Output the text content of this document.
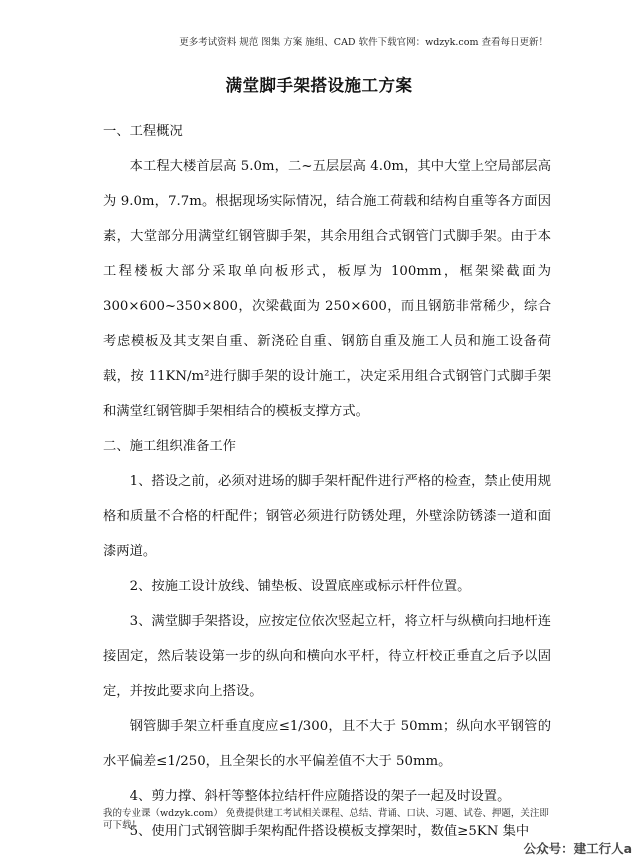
更多考试资料 规范 图集 方案 施组、CAD 软件下载官网：wdzyk.com 查看每日更新！
满堂脚手架搭设施工方案

一、工程概况

本工程大楼首层高 5.0m，二~五层层高 4.0m，其中大堂上空局部层高为 9.0m，7.7m。根据现场实际情况，结合施工荷载和结构自重等各方面因素，大堂部分用满堂红钢管脚手架，其余用组合式钢管门式脚手架。由于本工程楼板大部分采取单向板形式，板厚为 100mm，框架梁截面为 300×600~350×800，次梁截面为 250×600，而且钢筋非常稀少，综合考虑模板及其支架自重、新浇砼自重、钢筋自重及施工人员和施工设备荷载，按 11KN/m²进行脚手架的设计施工，决定采用组合式钢管门式脚手架和满堂红钢管脚手架相结合的模板支撑方式。

二、施工组织准备工作

1、搭设之前，必须对进场的脚手架杆配件进行严格的检查，禁止使用规格和质量不合格的杆配件；钢管必须进行防锈处理，外壁涂防锈漆一道和面漆两道。

2、按施工设计放线、铺垫板、设置底座或标示杆件位置。

3、满堂脚手架搭设，应按定位依次竖起立杆，将立杆与纵横向扫地杆连接固定，然后装设第一步的纵向和横向水平杆，待立杆校正垂直之后予以固定，并按此要求向上搭设。

钢管脚手架立杆垂直度应≤1/300，且不大于 50mm；纵向水平钢管的水平偏差≤1/250，且全架长的水平偏差值不大于 50mm。

4、剪力撑、斜杆等整体拉结杆件应随搭设的架子一起及时设置。

5、使用门式钢管脚手架构配件搭设模板支撑架时，数值≥5KN 集中

我的专业课（wdzyk.com） 免费提供建工考试相关课程、总结、背诵、口诀、习题、试卷、押题，关注即可下载！
公众号：建工行人a
